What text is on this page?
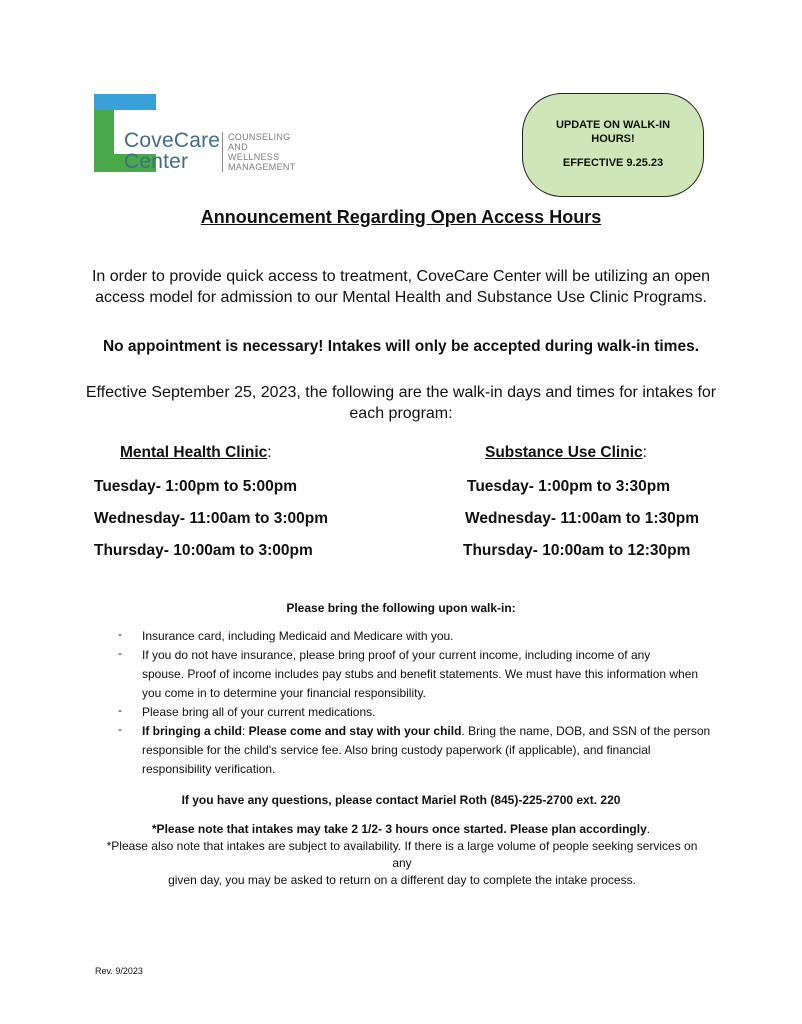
CoveCare
Center
COUNSELING
AND
WELLNESS
MANAGEMENT
UPDATE ON WALK-IN
HOURS!
EFFECTIVE 9.25.23
Announcement Regarding Open Access Hours
In order to provide quick access to treatment, CoveCare Center will be utilizing an open
access model for admission to our Mental Health and Substance Use Clinic Programs.
No appointment is necessary! Intakes will only be accepted during walk-in times.
Effective September 25, 2023, the following are the walk-in days and times for intakes for
each program:
Mental Health Clinic:	Substance Use Clinic:
Tuesday- 1:00pm to 5:00pm
Wednesday- 11:00am to 3:00pm
Thursday- 10:00am to 3:00pm
Tuesday- 1:00pm to 3:30pm
Wednesday- 11:00am to 1:30pm
Thursday- 10:00am to 12:30pm
Please bring the following upon walk-in:
- Insurance card, including Medicaid and Medicare with you.
- If you do not have insurance, please bring proof of your current income, including income of any
spouse. Proof of income includes pay stubs and benefit statements. We must have this information when
you come in to determine your financial responsibility.
- Please bring all of your current medications.
- If bringing a child: Please come and stay with your child. Bring the name, DOB, and SSN of the person
responsible for the child's service fee. Also bring custody paperwork (if applicable), and financial
responsibility verification.
If you have any questions, please contact Mariel Roth (845)-225-2700 ext. 220
*Please note that intakes may take 2 1/2- 3 hours once started. Please plan accordingly.
*Please also note that intakes are subject to availability. If there is a large volume of people seeking services on any
given day, you may be asked to return on a different day to complete the intake process.
Rev. 9/2023
